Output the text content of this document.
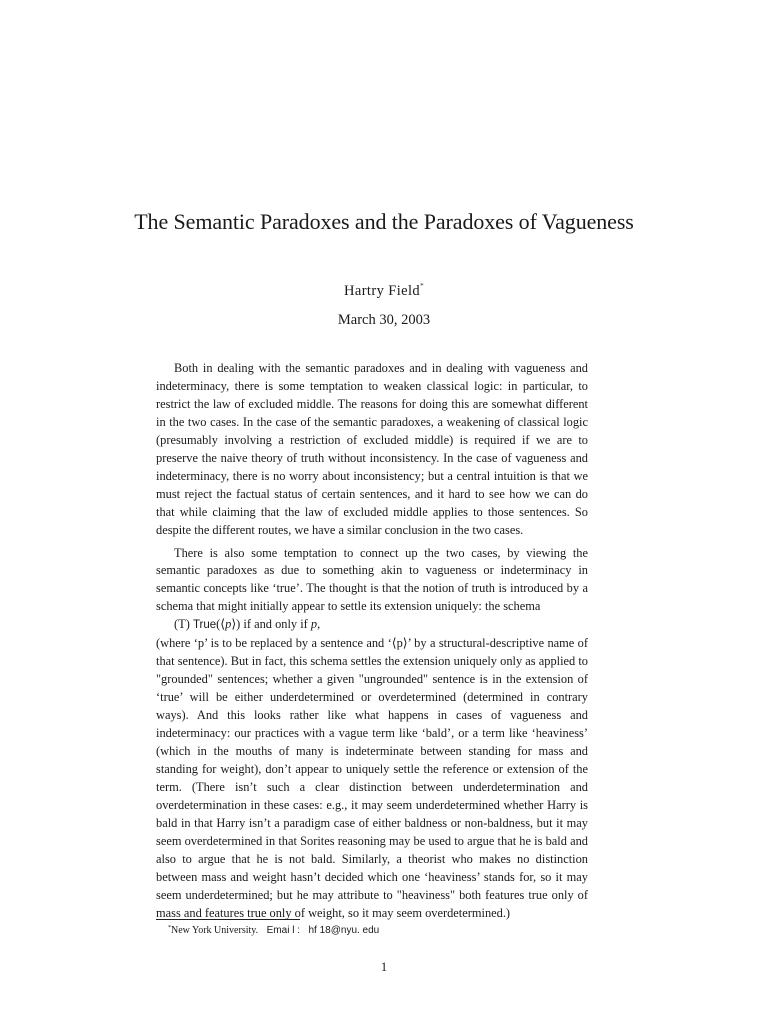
The Semantic Paradoxes and the Paradoxes of Vagueness
Hartry Field*
March 30, 2003

Both in dealing with the semantic paradoxes and in dealing with vagueness and indeterminacy, there is some temptation to weaken classical logic: in particular, to restrict the law of excluded middle. The reasons for doing this are somewhat different in the two cases. In the case of the semantic paradoxes, a weakening of classical logic (presumably involving a restriction of excluded middle) is required if we are to preserve the naive theory of truth without inconsistency. In the case of vagueness and indeterminacy, there is no worry about inconsistency; but a central intuition is that we must reject the factual status of certain sentences, and it hard to see how we can do that while claiming that the law of excluded middle applies to those sentences. So despite the different routes, we have a similar conclusion in the two cases.

There is also some temptation to connect up the two cases, by viewing the semantic paradoxes as due to something akin to vagueness or indeterminacy in semantic concepts like ‘true’. The thought is that the notion of truth is introduced by a schema that might initially appear to settle its extension uniquely: the schema

(T) True(⟨p⟩) if and only if p,

(where ‘p’ is to be replaced by a sentence and ‘⟨p⟩’ by a structural-descriptive name of that sentence). But in fact, this schema settles the extension uniquely only as applied to "grounded" sentences; whether a given "ungrounded" sentence is in the extension of ‘true’ will be either underdetermined or overdetermined (determined in contrary ways). And this looks rather like what happens in cases of vagueness and indeterminacy: our practices with a vague term like ‘bald’, or a term like ‘heaviness’ (which in the mouths of many is indeterminate between standing for mass and standing for weight), don’t appear to uniquely settle the reference or extension of the term. (There isn’t such a clear distinction between underdetermination and overdetermination in these cases: e.g., it may seem underdetermined whether Harry is bald in that Harry isn’t a paradigm case of either baldness or non-baldness, but it may seem overdetermined in that Sorites reasoning may be used to argue that he is bald and also to argue that he is not bald. Similarly, a theorist who makes no distinction between mass and weight hasn’t decided which one ‘heaviness’ stands for, so it may seem underdetermined; but he may attribute to "heaviness" both features true only of mass and features true only of weight, so it may seem overdetermined.)

*New York University. Emai l : hf 18@nyu. edu
1
